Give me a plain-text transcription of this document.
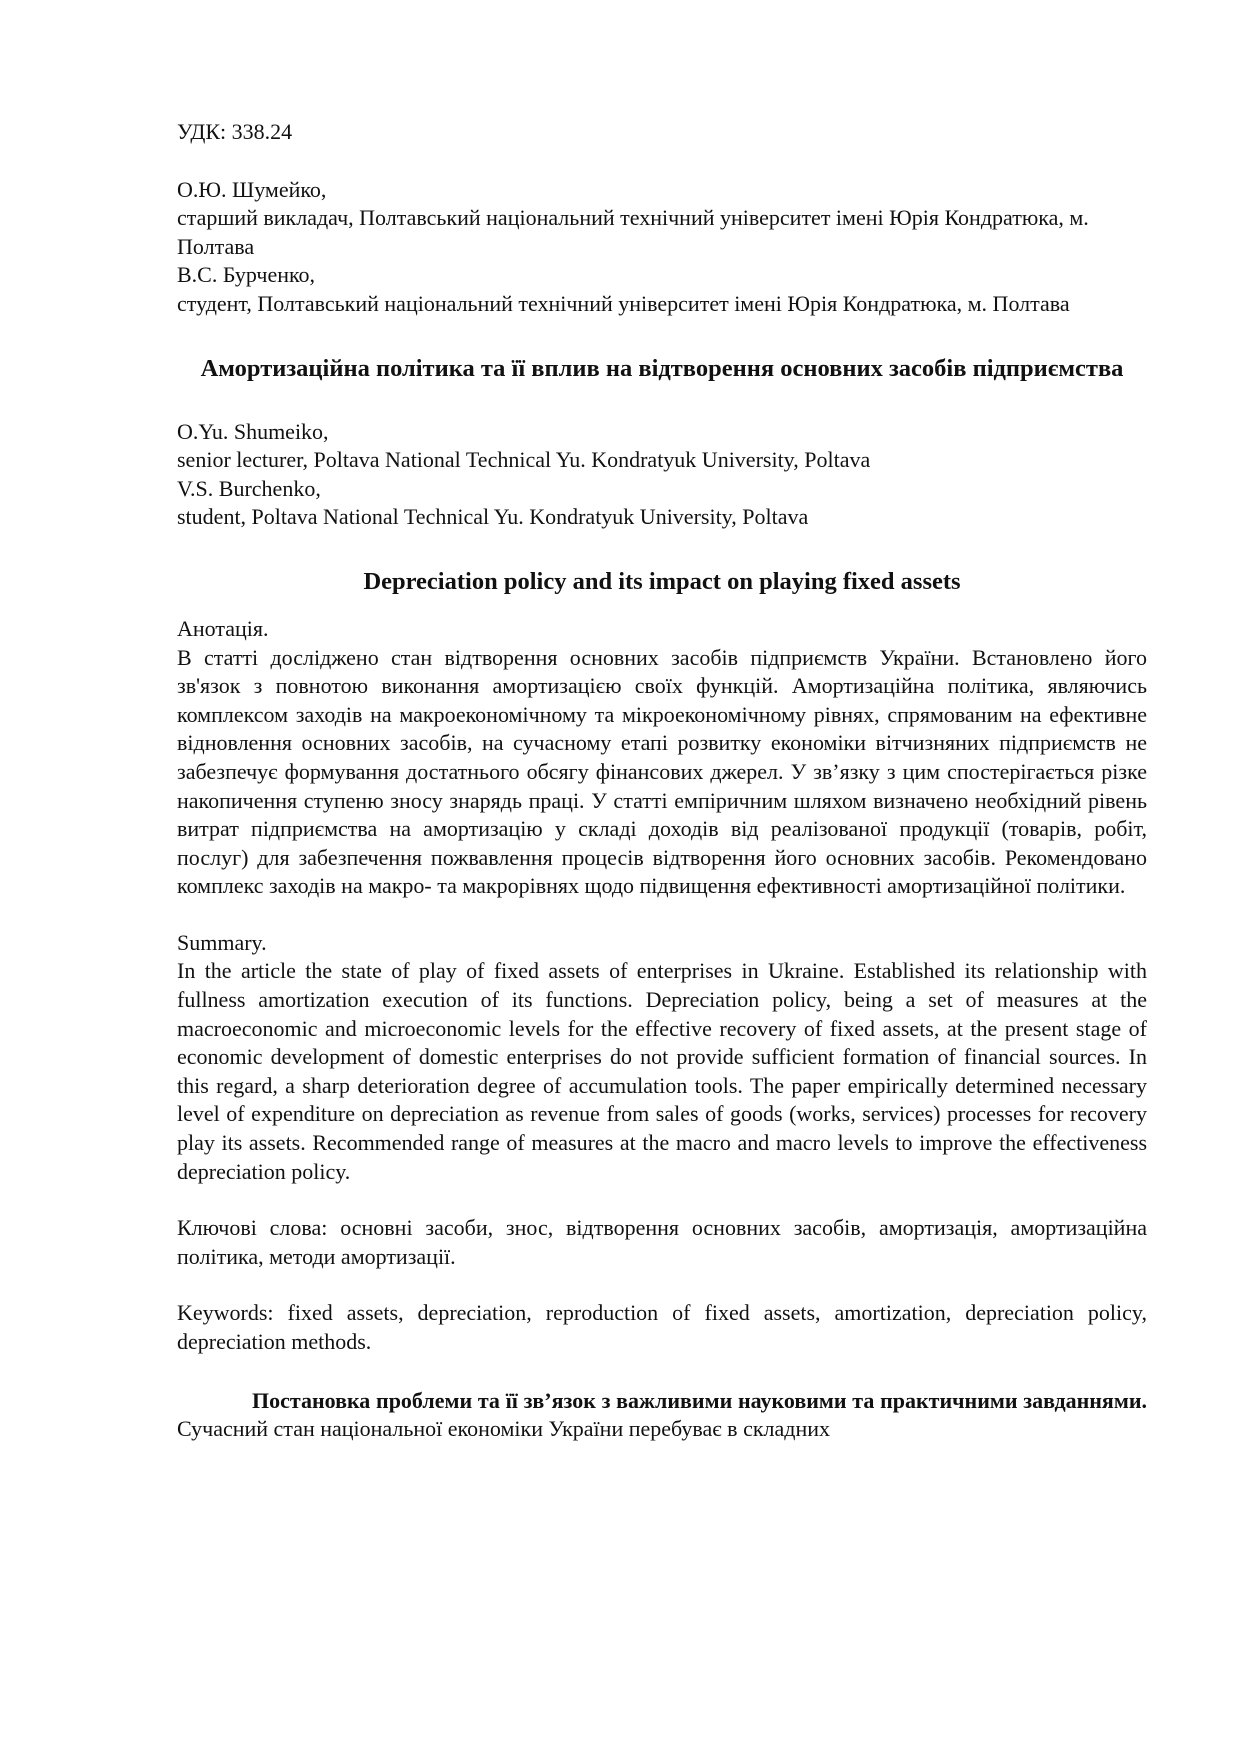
УДК: 338.24

О.Ю. Шумейко,

старший викладач, Полтавський національний технічний університет імені Юрія Кондратюка, м. Полтава

В.С. Бурченко,

студент, Полтавський національний технічний університет імені Юрія Кондратюка, м. Полтава

Амортизаційна політика та її вплив на відтворення основних засобів підприємства

O.Yu. Shumeiko,

senior lecturer, Poltava National Technical Yu. Kondratyuk University, Poltava

V.S. Burchenko,

student, Poltava National Technical Yu. Kondratyuk University, Poltava

Depreciation policy and its impact on playing fixed assets

Анотація.

В статті досліджено стан відтворення основних засобів підприємств України. Встановлено його зв'язок з повнотою виконання амортизацією своїх функцій. Амортизаційна політика, являючись комплексом заходів на макроекономічному та мікроекономічному рівнях, спрямованим на ефективне відновлення основних засобів, на сучасному етапі розвитку економіки вітчизняних підприємств не забезпечує формування достатнього обсягу фінансових джерел. У зв’язку з цим спостерігається різке накопичення ступеню зносу знарядь праці. У статті емпіричним шляхом визначено необхідний рівень витрат підприємства на амортизацію у складі доходів від реалізованої продукції (товарів, робіт, послуг) для забезпечення пожвавлення процесів відтворення його основних засобів. Рекомендовано комплекс заходів на макро- та макрорівнях щодо підвищення ефективності амортизаційної політики.

Summary.

In the article the state of play of fixed assets of enterprises in Ukraine. Established its relationship with fullness amortization execution of its functions. Depreciation policy, being a set of measures at the macroeconomic and microeconomic levels for the effective recovery of fixed assets, at the present stage of economic development of domestic enterprises do not provide sufficient formation of financial sources. In this regard, a sharp deterioration degree of accumulation tools. The paper empirically determined necessary level of expenditure on depreciation as revenue from sales of goods (works, services) processes for recovery play its assets. Recommended range of measures at the macro and macro levels to improve the effectiveness depreciation policy.

Ключові слова: основні засоби, знос, відтворення основних засобів, амортизація, амортизаційна політика, методи амортизації.

Keywords: fixed assets, depreciation, reproduction of fixed assets, amortization, depreciation policy, depreciation methods.

Постановка проблеми та її зв’язок з важливими науковими та практичними завданнями. Сучасний стан національної економіки України перебуває в складних
